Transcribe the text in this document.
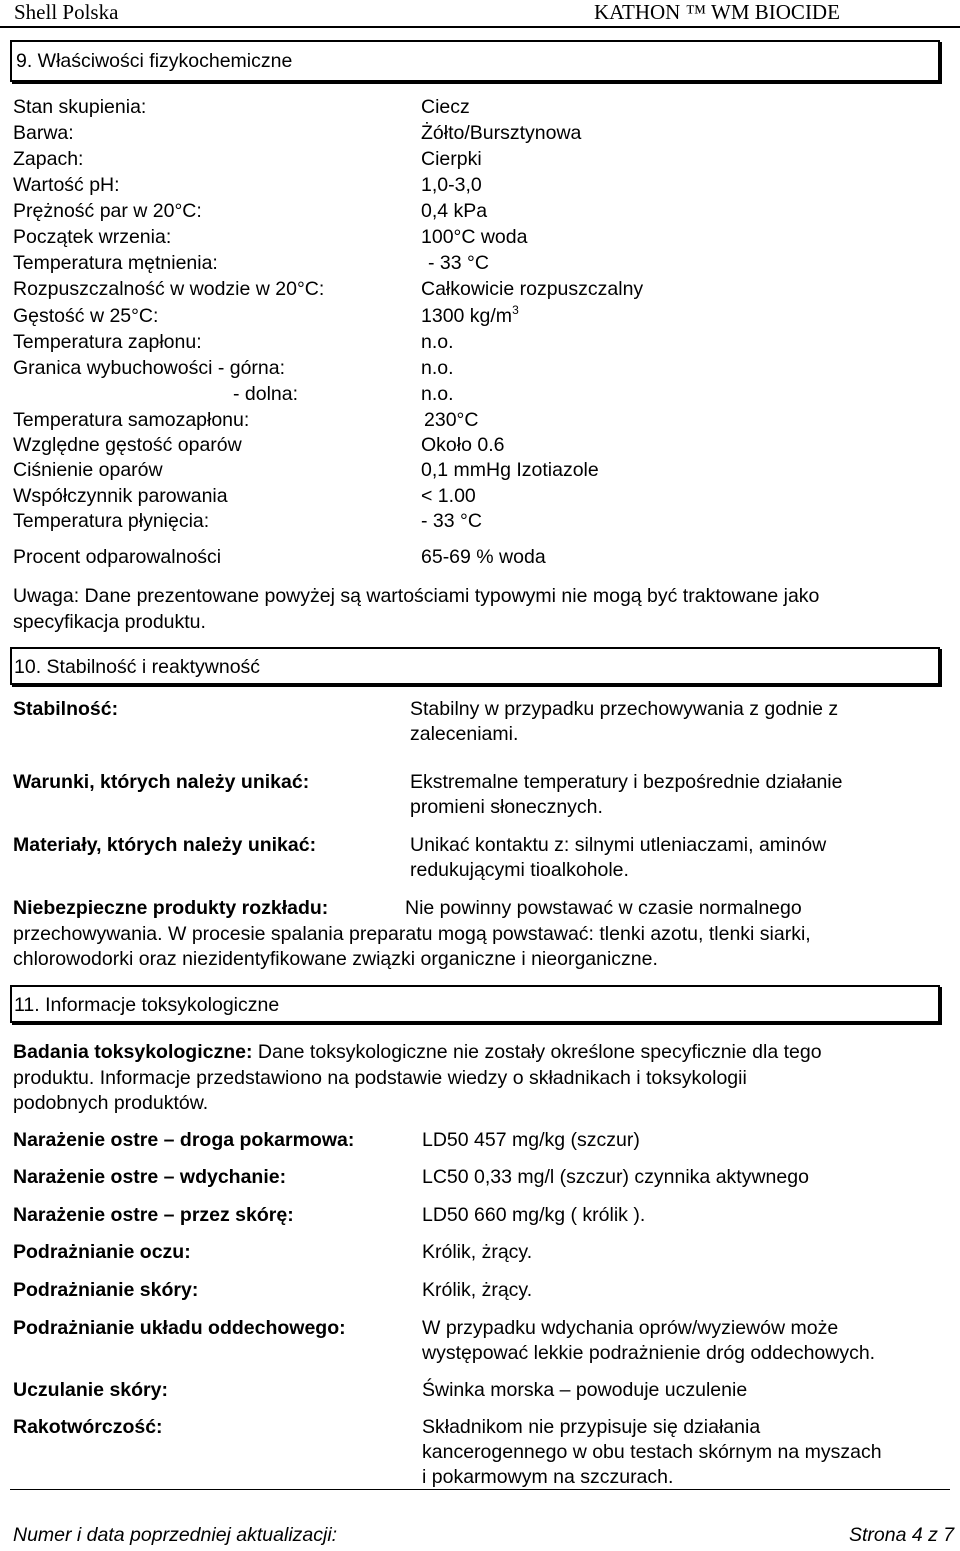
Shell Polska	KATHON ™ WM BIOCIDE
9. Właściwości fizykochemiczne
Stan skupienia:	Ciecz
Barwa:	Żółto/Bursztynowa
Zapach:	Cierpki
Wartość pH:	1,0-3,0
Prężność par w 20°C:	0,4 kPa
Początek wrzenia:	100°C woda
Temperatura mętnienia:	- 33 °C
Rozpuszczalność w wodzie w 20°C:	Całkowicie rozpuszczalny
Gęstość w 25°C:	1300 $kg/m^3$
Temperatura zapłonu:	n.o.
Granica wybuchowości - górna:	n.o.
- dolna:	n.o.
Temperatura samozapłonu:	230°C
Względne gęstość oparów	Około 0.6
Ciśnienie oparów	0,1 mmHg Izotiazole
Współczynnik parowania	< 1.00
Temperatura płynięcia:	- 33 °C
Procent odparowalności	65-69 % woda
Uwaga: Dane prezentowane powyżej są wartościami typowymi nie mogą być traktowane jako
specyfikacja produktu.
10. Stabilność i reaktywność
Stabilność:	Stabilny w przypadku przechowywania z godnie z
zaleceniami.
Warunki, których należy unikać:	Ekstremalne temperatury i bezpośrednie działanie
promieni słonecznych.
Materiały, których należy unikać:	Unikać kontaktu z: silnymi utleniaczami, aminów
redukującymi tioalkohole.
Niebezpieczne produkty rozkładu:	Nie powinny powstawać w czasie normalnego
przechowywania. W procesie spalania preparatu mogą powstawać: tlenki azotu, tlenki siarki,
chlorowodorki oraz niezidentyfikowane związki organiczne i nieorganiczne.
11. Informacje toksykologiczne
Badania toksykologiczne: Dane toksykologiczne nie zostały określone specyficznie dla tego
produktu. Informacje przedstawiono na podstawie wiedzy o składnikach i toksykologii
podobnych produktów.
Narażenie ostre – droga pokarmowa:	LD50 457 mg/kg (szczur)
Narażenie ostre – wdychanie:	LC50 0,33 mg/l (szczur) czynnika aktywnego
Narażenie ostre – przez skórę:	LD50 660 mg/kg ( królik ).
Podrażnianie oczu:	Królik, żrący.
Podrażnianie skóry:	Królik, żrący.
Podrażnianie układu oddechowego:	W przypadku wdychania oprów/wyziewów może
występować lekkie podrażnienie dróg oddechowych.
Uczulanie skóry:	Świnka morska – powoduje uczulenie
Rakotwórczość:	Składnikom nie przypisuje się działania
kancerogennego w obu testach skórnym na myszach
i pokarmowym na szczurach.
Numer i data poprzedniej aktualizacji:	Strona 4 z 7
